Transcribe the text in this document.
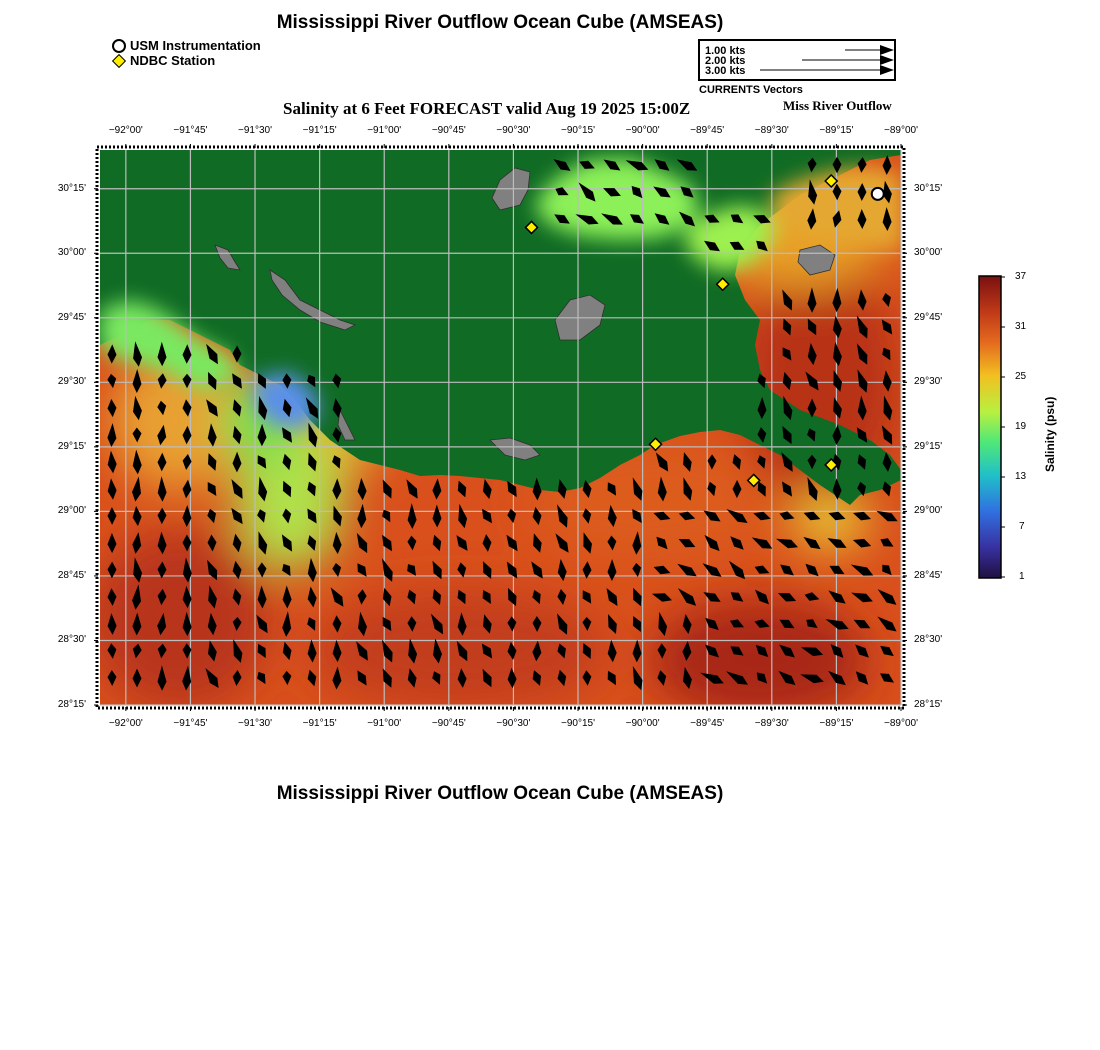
Mississippi River Outflow Ocean Cube (AMSEAS)
USM Instrumentation
NDBC Station
1.00 kts
2.00 kts
3.00 kts
CURRENTS Vectors
Salinity at 6 Feet FORECAST valid Aug 19 2025 15:00Z	Miss River Outflow
37
31
25
19
13
7
1
Salinity (psu)
Mississippi River Outflow Ocean Cube (AMSEAS)
−92°00'
−92°00'
−91°45'
−91°45'
−91°30'
−91°30'
−91°15'
−91°15'
−91°00'
−91°00'
−90°45'
−90°45'
−90°30'
−90°30'
−90°15'
−90°15'
−90°00'
−90°00'
−89°45'
−89°45'
−89°30'
−89°30'
−89°15'
−89°15'
−89°00'
−89°00'
30°15'	30°15'
30°00'	30°00'
29°45'	29°45'
29°30'	29°30'
29°15'	29°15'
29°00'	29°00'
28°45'	28°45'
28°30'	28°30'
28°15'	28°15'
